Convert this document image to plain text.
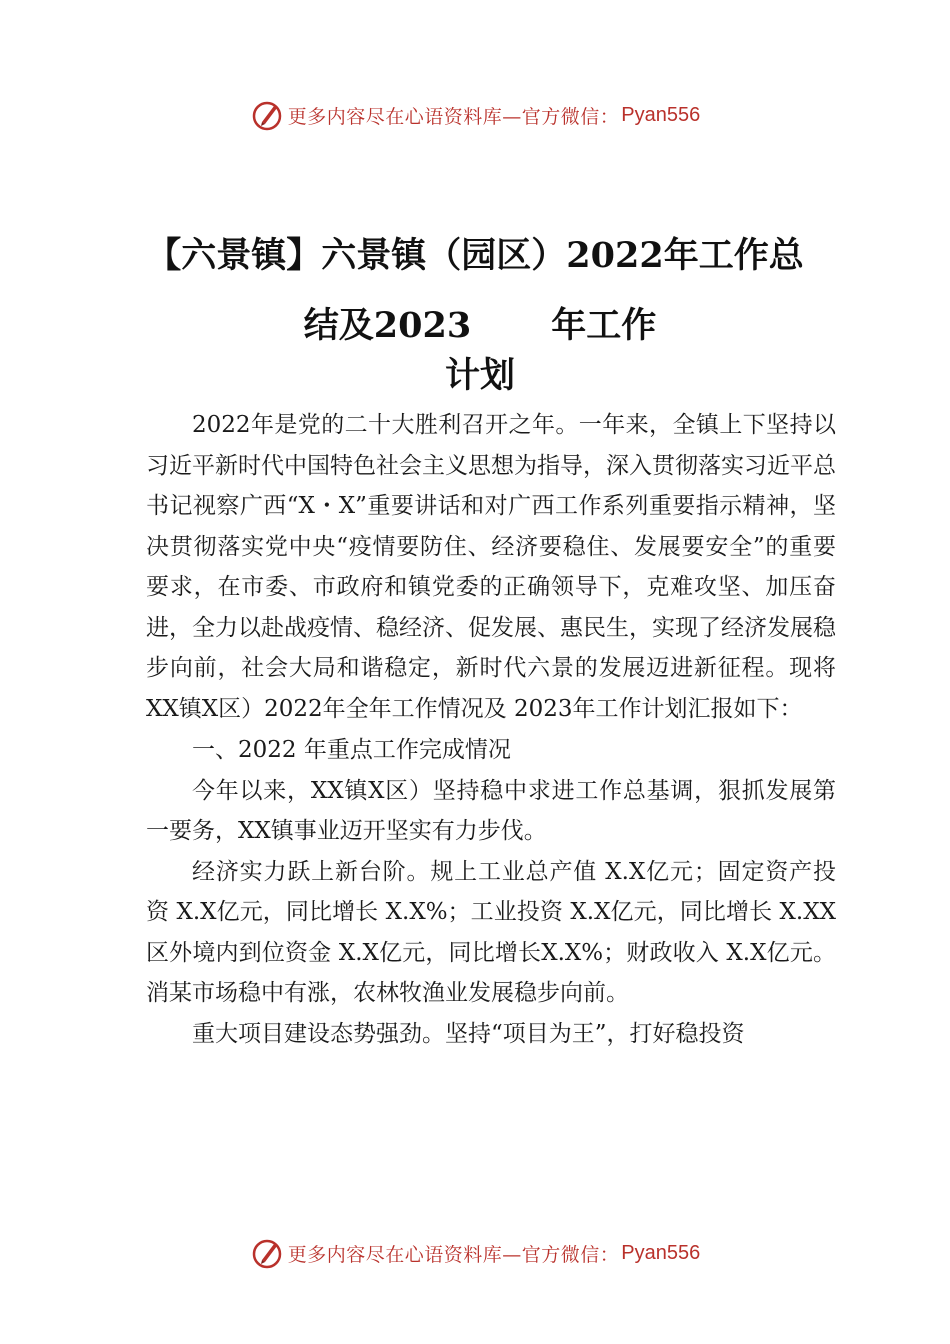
更多内容尽在心语资料库—官方微信： Pyan556
【六景镇】六景镇（园区）2022年工作总
结及2023 年工作计划

2022年是党的二十大胜利召开之年。一年来，全镇上下坚持以习近平新时代中国特色社会主义思想为指导，深入贯彻落实习近平总书记视察广西“X・X”重要讲话和对广西工作系列重要指示精神，坚决贯彻落实党中央“疫情要防住、经济要稳住、发展要安全”的重要要求，在市委、市政府和镇党委的正确领导下，克难攻坚、加压奋进，全力以赴战疫情、稳经济、促发展、惠民生，实现了经济发展稳步向前，社会大局和谐稳定，新时代六景的发展迈进新征程。现将XX镇X区）2022年全年工作情况及 2023年工作计划汇报如下：

一、2022 年重点工作完成情况

今年以来，XX镇X区）坚持稳中求进工作总基调，狠抓发展第一要务，XX镇事业迈开坚实有力步伐。

经济实力跃上新台阶。规上工业总产值 X.X亿元；固定资产投资 X.X亿元，同比增长 X.X%；工业投资 X.X亿元，同比增长 X.XX区外境内到位资金 X.X亿元，同比增长X.X%；财政收入 X.X亿元。消某市场稳中有涨，农林牧渔业发展稳步向前。

重大项目建设态势强劲。坚持“项目为王”，打好稳投资

更多内容尽在心语资料库—官方微信： Pyan556
